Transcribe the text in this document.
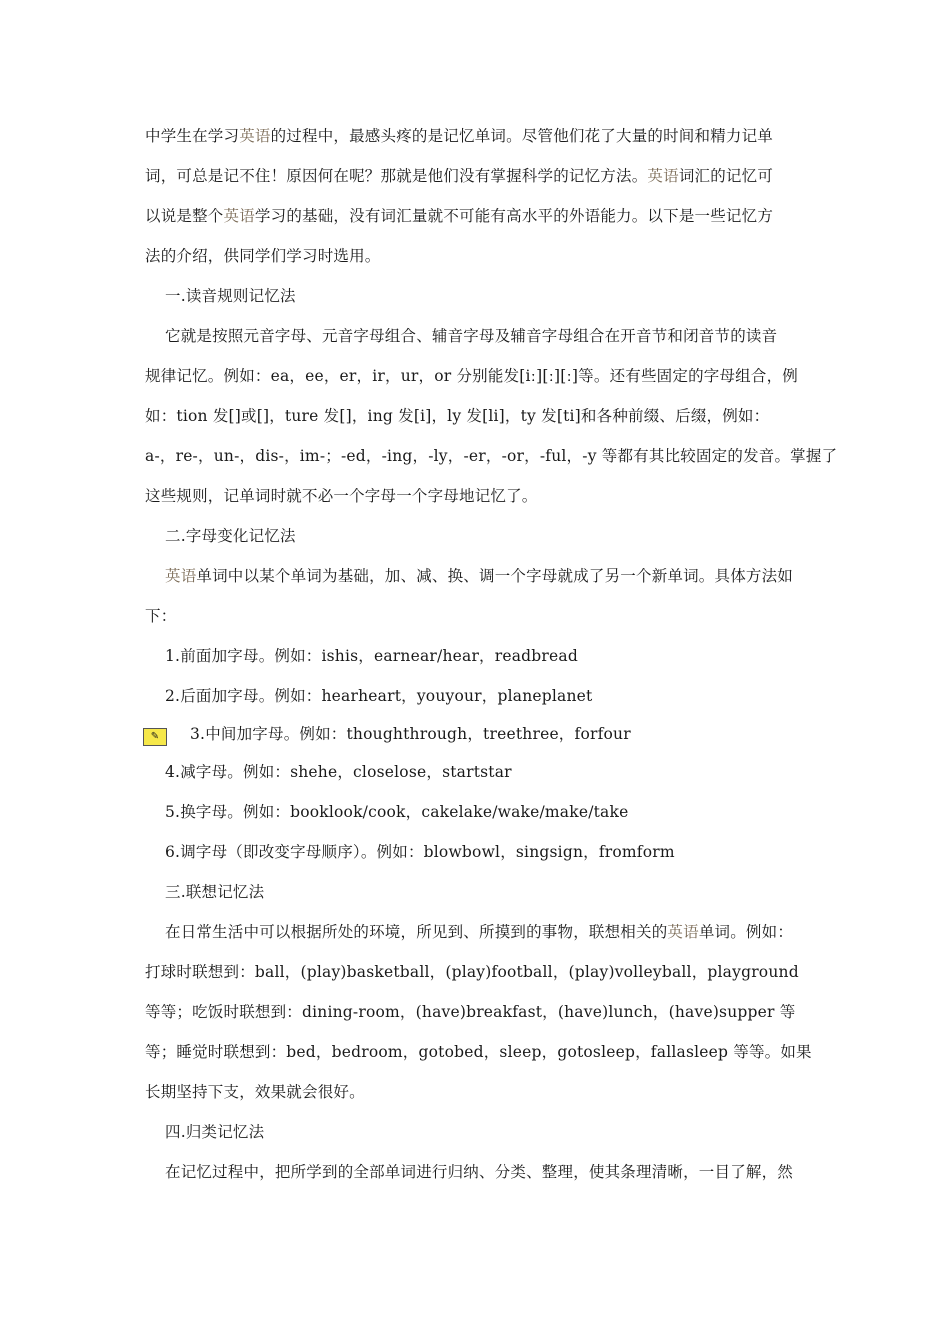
中学生在学习英语的过程中，最感头疼的是记忆单词。尽管他们花了大量的时间和精力记单

词，可总是记不住！原因何在呢？那就是他们没有掌握科学的记忆方法。英语词汇的记忆可

以说是整个英语学习的基础，没有词汇量就不可能有高水平的外语能力。以下是一些记忆方

法的介绍，供同学们学习时选用。

一.读音规则记忆法

它就是按照元音字母、元音字母组合、辅音字母及辅音字母组合在开音节和闭音节的读音

规律记忆。例如：ea，ee，er，ir，ur，or 分别能发[iː][ː][ː]等。还有些固定的字母组合，例

如：tion 发[]或[]，ture 发[]，ing 发[i]，ly 发[li]，ty 发[ti]和各种前缀、后缀，例如：

a-，re-，un-，dis-，im-；-ed，-ing，-ly，-er，-or，-ful，-y 等都有其比较固定的发音。掌握了

这些规则，记单词时就不必一个字母一个字母地记忆了。

二.字母变化记忆法

英语单词中以某个单词为基础，加、减、换、调一个字母就成了另一个新单词。具体方法如

下：

1.前面加字母。例如：ishis，earnear/hear，readbread

2.后面加字母。例如：hearheart，youyour，planeplanet

✎	3.中间加字母。例如：thoughthrough，treethree，forfour

4.减字母。例如：shehe，closelose，startstar

5.换字母。例如：booklook/cook，cakelake/wake/make/take

6.调字母（即改变字母顺序）。例如：blowbowl，singsign，fromform

三.联想记忆法

在日常生活中可以根据所处的环境，所见到、所摸到的事物，联想相关的英语单词。例如：

打球时联想到：ball，(play)basketball，(play)football，(play)volleyball，playground

等等；吃饭时联想到：dining-room，(have)breakfast，(have)lunch，(have)supper 等

等；睡觉时联想到：bed，bedroom，gotobed，sleep，gotosleep，fallasleep 等等。如果

长期坚持下支，效果就会很好。

四.归类记忆法

在记忆过程中，把所学到的全部单词进行归纳、分类、整理，使其条理清晰，一目了解，然
